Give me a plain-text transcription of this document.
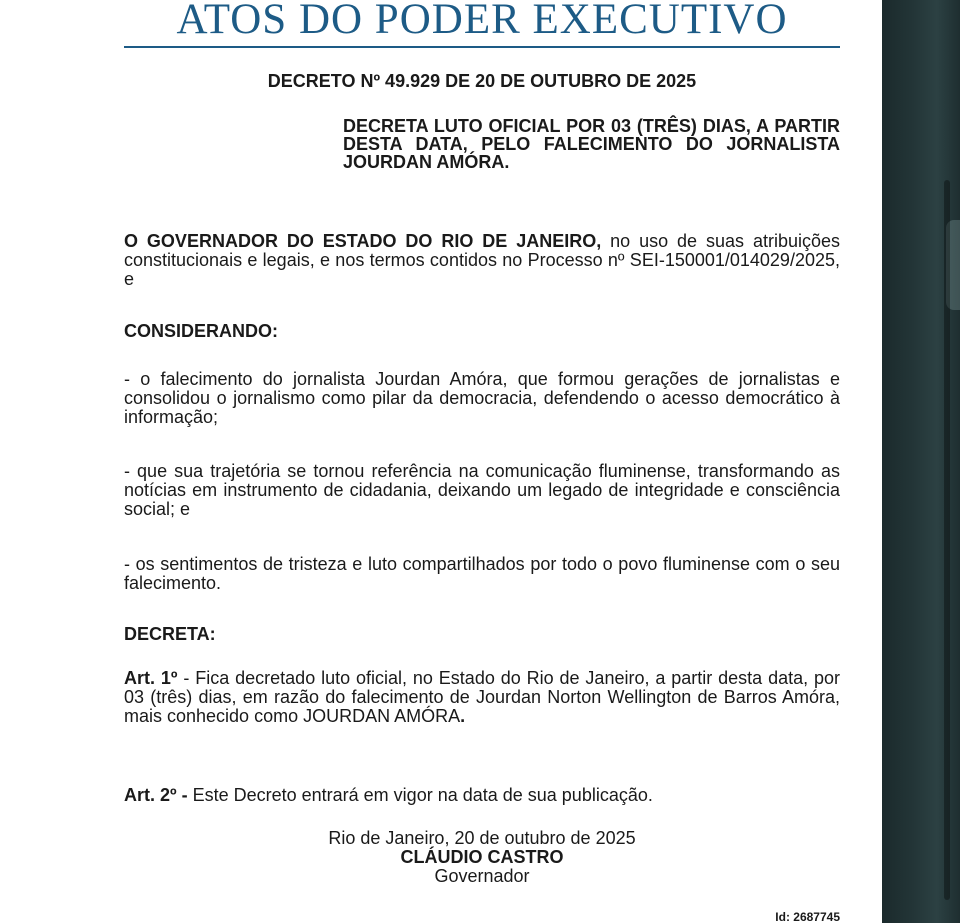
ATOS DO PODER EXECUTIVO
DECRETO Nº 49.929 DE 20 DE OUTUBRO DE 2025
DECRETA LUTO OFICIAL POR 03 (TRÊS) DIAS, A PARTIR DESTA DATA, PELO FALECIMENTO DO JORNALISTA JOURDAN AMÓRA.
O GOVERNADOR DO ESTADO DO RIO DE JANEIRO, no uso de suas atribuições constitucionais e legais, e nos termos contidos no Processo nº SEI-150001/014029/2025, e
CONSIDERANDO:
- o falecimento do jornalista Jourdan Amóra, que formou gerações de jornalistas e consolidou o jornalismo como pilar da democracia, defendendo o acesso democrático à informação;
- que sua trajetória se tornou referência na comunicação fluminense, transformando as notícias em instrumento de cidadania, deixando um legado de integridade e consciência social; e
- os sentimentos de tristeza e luto compartilhados por todo o povo fluminense com o seu falecimento.
DECRETA:
Art. 1º - Fica decretado luto oficial, no Estado do Rio de Janeiro, a partir desta data, por 03 (três) dias, em razão do falecimento de Jourdan Norton Wellington de Barros Amóra, mais conhecido como JOURDAN AMÓRA.
Art. 2º - Este Decreto entrará em vigor na data de sua publicação.
Rio de Janeiro, 20 de outubro de 2025
CLÁUDIO CASTRO
Governador
Id: 2687745
